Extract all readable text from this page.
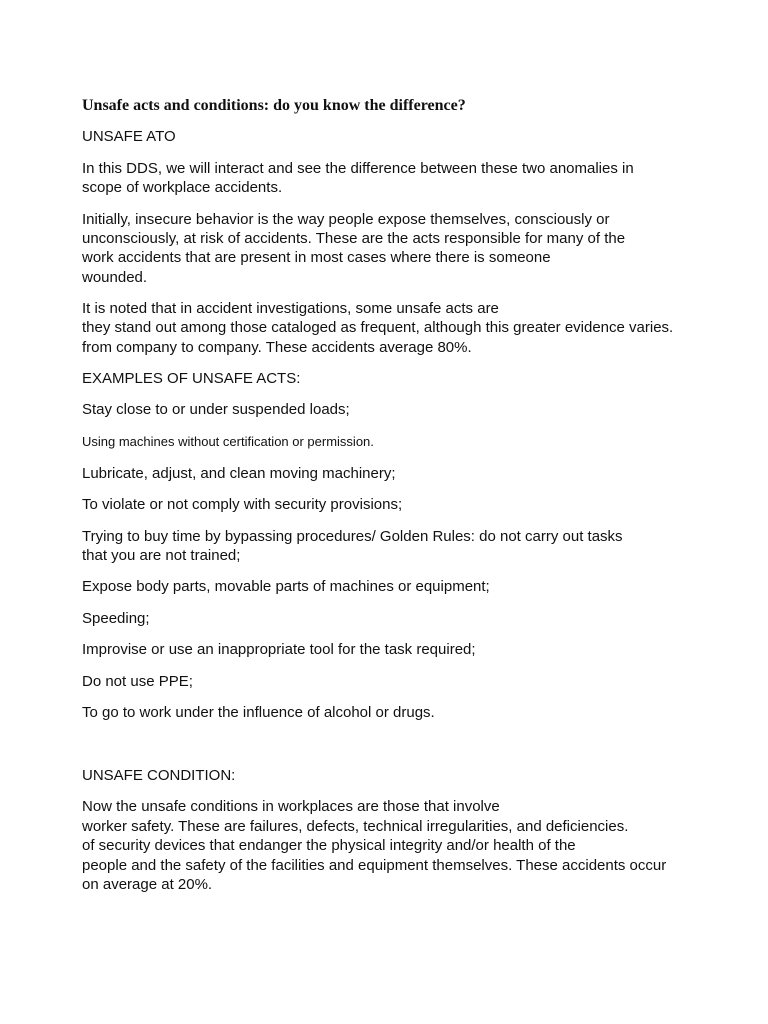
Unsafe acts and conditions: do you know the difference?

UNSAFE ATO

In this DDS, we will interact and see the difference between these two anomalies in

scope of workplace accidents.

Initially, insecure behavior is the way people expose themselves, consciously or

unconsciously, at risk of accidents. These are the acts responsible for many of the

work accidents that are present in most cases where there is someone

wounded.

It is noted that in accident investigations, some unsafe acts are

they stand out among those cataloged as frequent, although this greater evidence varies.

from company to company. These accidents average 80%.

EXAMPLES OF UNSAFE ACTS:

Stay close to or under suspended loads;

Using machines without certification or permission.

Lubricate, adjust, and clean moving machinery;

To violate or not comply with security provisions;

Trying to buy time by bypassing procedures/ Golden Rules: do not carry out tasks

that you are not trained;

Expose body parts, movable parts of machines or equipment;

Speeding;

Improvise or use an inappropriate tool for the task required;

Do not use PPE;

To go to work under the influence of alcohol or drugs.

UNSAFE CONDITION:

Now the unsafe conditions in workplaces are those that involve

worker safety. These are failures, defects, technical irregularities, and deficiencies.

of security devices that endanger the physical integrity and/or health of the

people and the safety of the facilities and equipment themselves. These accidents occur

on average at 20%.
